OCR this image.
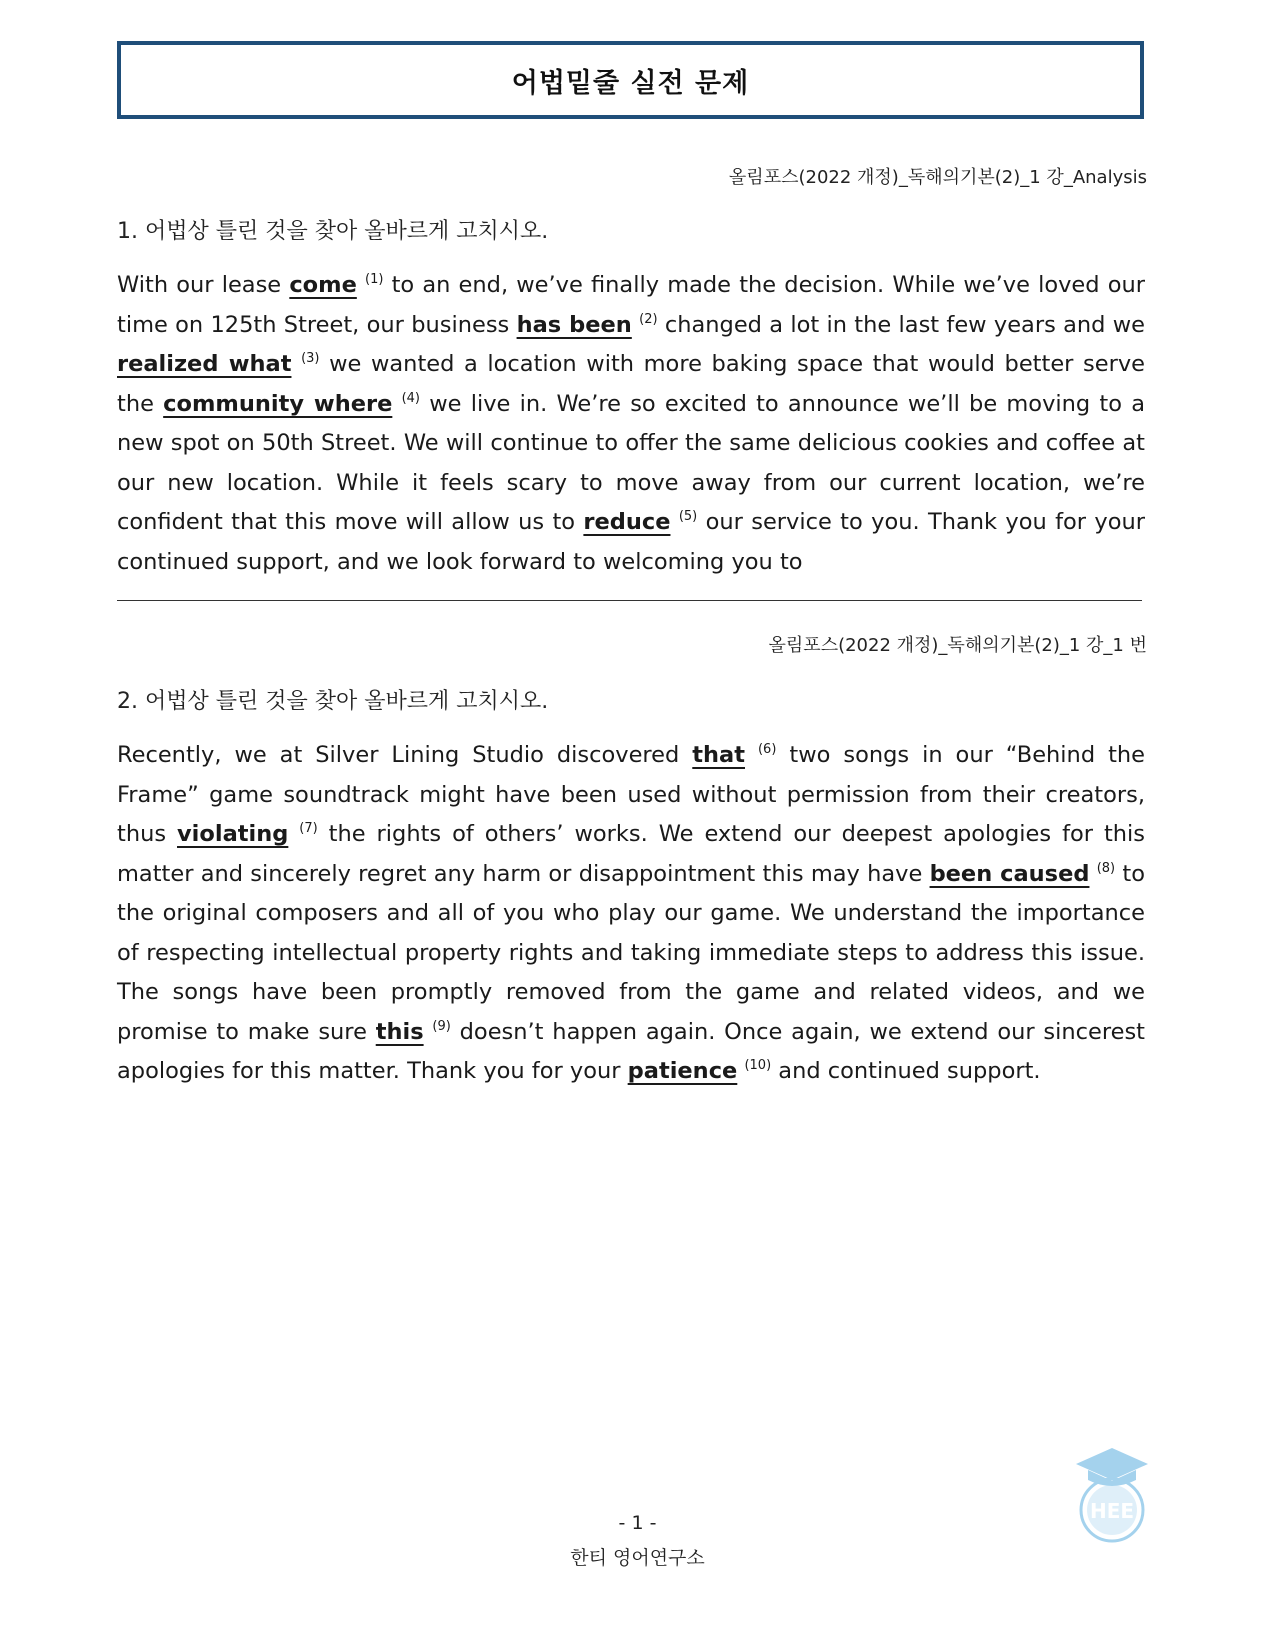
어법밑줄 실전 문제
올림포스(2022 개정)_독해의기본(2)_1 강_Analysis
1. 어법상 틀린 것을 찾아 올바르게 고치시오.
With our lease come $^{(1)}$ to an end, we’ve finally made the decision. While we’ve loved our time on 125th Street, our business has been $^{(2)}$ changed a lot in the last few years and we realized what $^{(3)}$ we wanted a location with more baking space that would better serve the community where $^{(4)}$ we live in. We’re so excited to announce we’ll be moving to a new spot on 50th Street. We will continue to offer the same delicious cookies and coffee at our new location. While it feels scary to move away from our current location, we’re confident that this move will allow us to reduce $^{(5)}$ our service to you. Thank you for your continued support, and we look forward to welcoming you to
올림포스(2022 개정)_독해의기본(2)_1 강_1 번
2. 어법상 틀린 것을 찾아 올바르게 고치시오.
Recently, we at Silver Lining Studio discovered that $^{(6)}$ two songs in our “Behind the Frame” game soundtrack might have been used without permission from their creators, thus violating $^{(7)}$ the rights of others’ works. We extend our deepest apologies for this matter and sincerely regret any harm or disappointment this may have been caused $^{(8)}$ to the original composers and all of you who play our game. We understand the importance of respecting intellectual property rights and taking immediate steps to address this issue. The songs have been promptly removed from the game and related videos, and we promise to make sure this $^{(9)}$ doesn’t happen again. Once again, we extend our sincerest apologies for this matter. Thank you for your patience $^{(10)}$ and continued support.
- 1 -
한티 영어연구소
HEE
